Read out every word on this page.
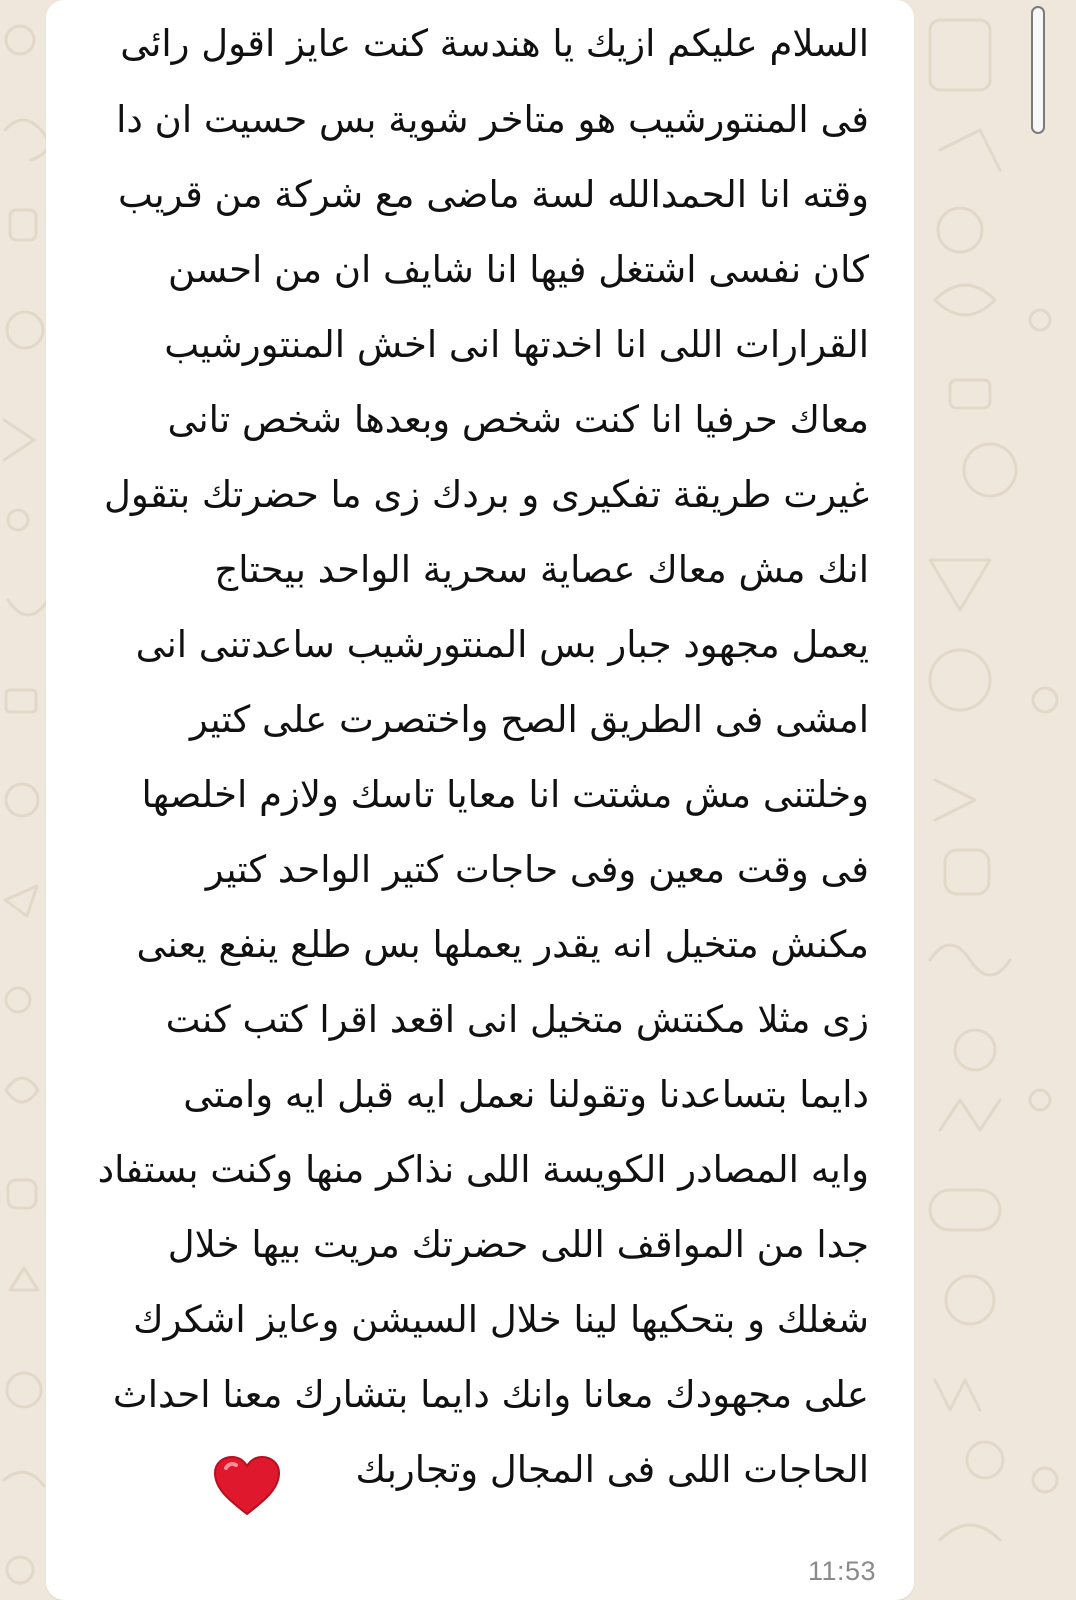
السلام عليكم ازيك يا هندسة كنت عايز اقول رائى
فى المنتورشيب هو متاخر شوية بس حسيت ان دا
وقته انا الحمدالله لسة ماضى مع شركة من قريب
كان نفسى اشتغل فيها انا شايف ان من احسن
القرارات اللى انا اخدتها انى اخش المنتورشيب
معاك حرفيا انا كنت شخص وبعدها شخص تانى
غيرت طريقة تفكيرى و بردك زى ما حضرتك بتقول
انك مش معاك عصاية سحرية الواحد بيحتاج
يعمل مجهود جبار بس المنتورشيب ساعدتنى انى
امشى فى الطريق الصح واختصرت على كتير
وخلتنى مش مشتت انا معايا تاسك ولازم اخلصها
فى وقت معين وفى حاجات كتير الواحد كتير
مكنش متخيل انه يقدر يعملها بس طلع ينفع يعنى
زى مثلا مكنتش متخيل انى اقعد اقرا كتب كنت
دايما بتساعدنا وتقولنا نعمل ايه قبل ايه وامتى
وايه المصادر الكويسة اللى نذاكر منها وكنت بستفاد
جدا من المواقف اللى حضرتك مريت بيها خلال
شغلك و بتحكيها لينا خلال السيشن وعايز اشكرك
على مجهودك معانا وانك دايما بتشارك معنا احداث
الحاجات اللى فى المجال وتجاربك
11:53
